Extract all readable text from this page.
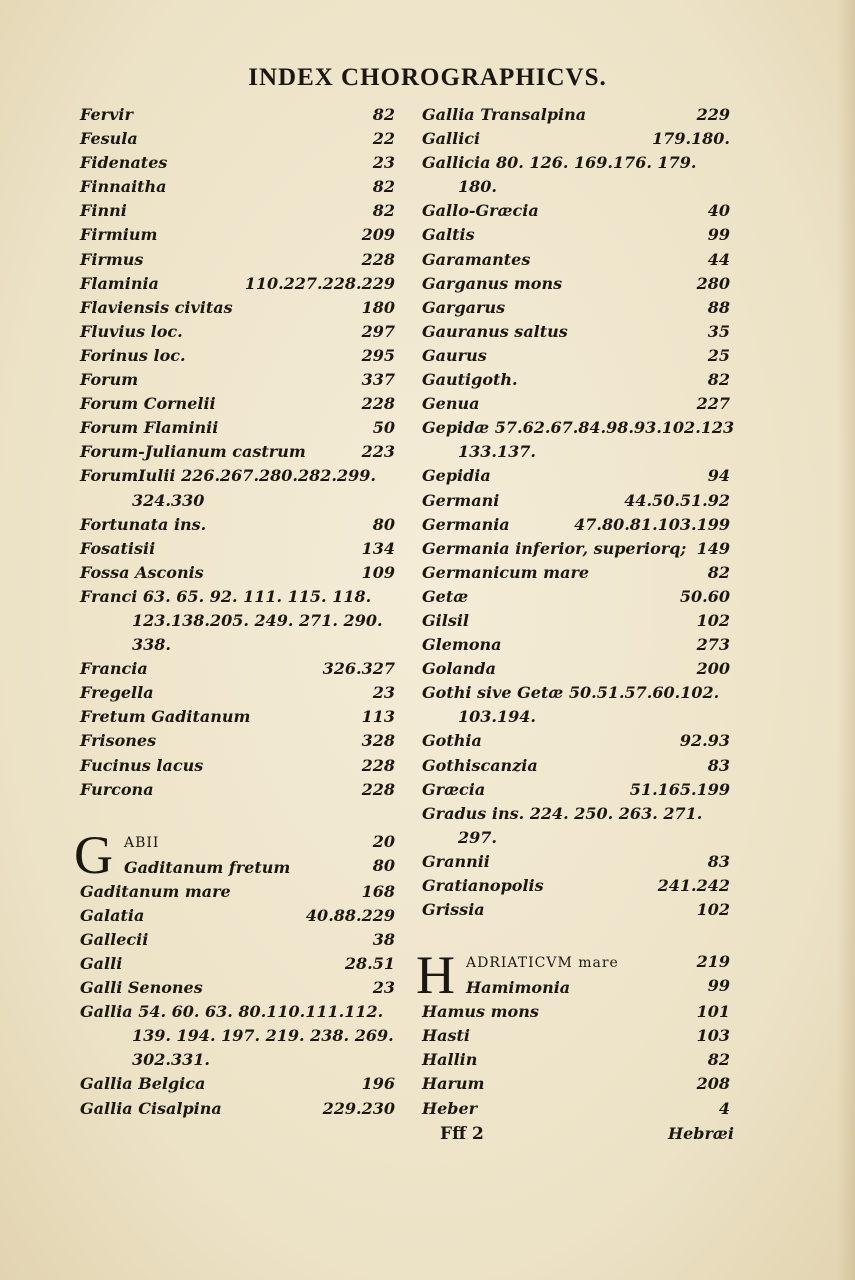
INDEX CHOROGRAPHICVS.
Fervir	82
Fesula	22
Fidenates	23
Finnaitha	82
Finni	82
Firmium	209
Firmus	228
Flaminia	110.227.228.229
Flaviensis civitas	180
Fluvius loc.	297
Forinus loc.	295
Forum	337
Forum Cornelii	228
Forum Flaminii	50
Forum-Julianum castrum	223
ForumIulii 226.267.280.282.299.
324.330
Fortunata ins.	80
Fosatisii	134
Fossa Asconis	109
Franci 63. 65. 92. 111. 115. 118.
123.138.205. 249. 271. 290.
338.
Francia	326.327
Fregella	23
Fretum Gaditanum	113
Frisones	328
Fucinus lacus	228
Furcona	228
G ABII	20
Gaditanum fretum	80
Gaditanum mare	168
Galatia	40.88.229
Gallecii	38
Galli	28.51
Galli Senones	23
Gallia 54. 60. 63. 80.110.111.112.
139. 194. 197. 219. 238. 269.
302.331.
Gallia Belgica	196
Gallia Cisalpina	229.230
Gallia Transalpina	229
Gallici	179.180.
Gallicia 80. 126. 169.176. 179.
180.
Gallo-Græcia	40
Galtis	99
Garamantes	44
Garganus mons	280
Gargarus	88
Gauranus saltus	35
Gaurus	25
Gautigoth.	82
Genua	227
Gepidæ 57.62.67.84.98.93.102.123
133.137.
Gepidia	94
Germani	44.50.51.92
Germania	47.80.81.103.199
Germania inferior, superiorq; 149
Germanicum mare	82
Getæ	50.60
Gilsil	102
Glemona	273
Golanda	200
Gothi sive Getæ 50.51.57.60.102.
103.194.
Gothia	92.93
Gothiscanzia	83
Græcia	51.165.199
Gradus ins. 224. 250. 263. 271.
297.
Grannii	83
Gratianopolis	241.242
Grissia	102
H ADRIATICVM mare	219
Hamimonia	99
Hamus mons	101
Hasti	103
Hallin	82
Harum	208
Heber	4
Fff 2	Hebræi
